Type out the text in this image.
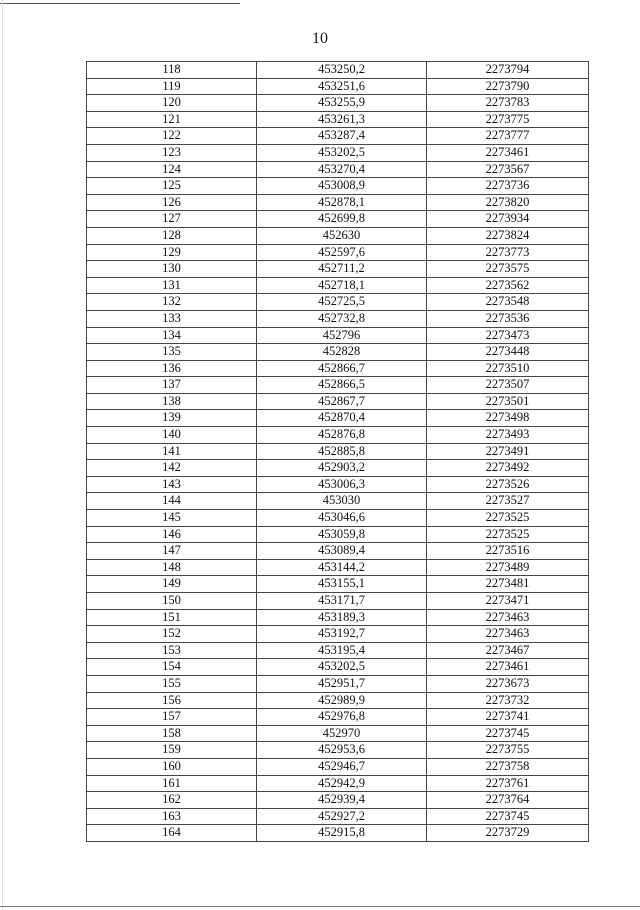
10
118	453250,2	2273794
119	453251,6	2273790
120	453255,9	2273783
121	453261,3	2273775
122	453287,4	2273777
123	453202,5	2273461
124	453270,4	2273567
125	453008,9	2273736
126	452878,1	2273820
127	452699,8	2273934
128	452630	2273824
129	452597,6	2273773
130	452711,2	2273575
131	452718,1	2273562
132	452725,5	2273548
133	452732,8	2273536
134	452796	2273473
135	452828	2273448
136	452866,7	2273510
137	452866,5	2273507
138	452867,7	2273501
139	452870,4	2273498
140	452876,8	2273493
141	452885,8	2273491
142	452903,2	2273492
143	453006,3	2273526
144	453030	2273527
145	453046,6	2273525
146	453059,8	2273525
147	453089,4	2273516
148	453144,2	2273489
149	453155,1	2273481
150	453171,7	2273471
151	453189,3	2273463
152	453192,7	2273463
153	453195,4	2273467
154	453202,5	2273461
155	452951,7	2273673
156	452989,9	2273732
157	452976,8	2273741
158	452970	2273745
159	452953,6	2273755
160	452946,7	2273758
161	452942,9	2273761
162	452939,4	2273764
163	452927,2	2273745
164	452915,8	2273729
